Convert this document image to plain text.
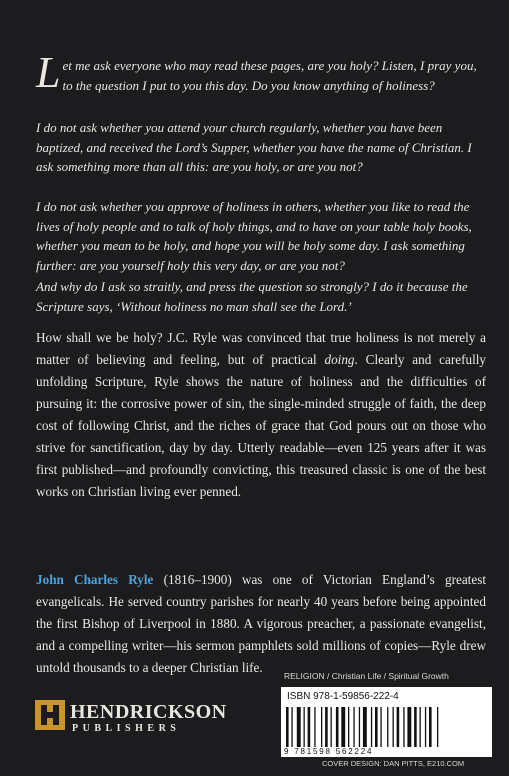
Let me ask everyone who may read these pages, are you holy? Listen, I pray you, to the question I put to you this day. Do you know anything of holiness?

I do not ask whether you attend your church regularly, whether you have been baptized, and received the Lord’s Supper, whether you have the name of Christian. I ask something more than all this: are you holy, or are you not?

I do not ask whether you approve of holiness in others, whether you like to read the lives of holy people and to talk of holy things, and to have on your table holy books, whether you mean to be holy, and hope you will be holy some day. I ask something further: are you yourself holy this very day, or are you not?

And why do I ask so straitly, and press the question so strongly? I do it because the Scripture says, ‘Without holiness no man shall see the Lord.’

How shall we be holy? J.C. Ryle was convinced that true holiness is not merely a matter of believing and feeling, but of practical doing. Clearly and carefully unfolding Scripture, Ryle shows the nature of holiness and the difficulties of pursuing it: the corrosive power of sin, the single-minded struggle of faith, the deep cost of following Christ, and the riches of grace that God pours out on those who strive for sanctification, day by day. Utterly readable—even 125 years after it was first published—and profoundly convicting, this treasured classic is one of the best works on Christian living ever penned.

John Charles Ryle (1816–1900) was one of Victorian England’s greatest evangelicals. He served country parishes for nearly 40 years before being appointed the first Bishop of Liverpool in 1880. A vigorous preacher, a passionate evangelist, and a compelling writer—his sermon pamphlets sold millions of copies—Ryle drew untold thousands to a deeper Christian life.

HENDRICKSON
PUBLISHERS
RELIGION / Christian Life / Spiritual Growth
ISBN 978-1-59856-222-4
9 781598 562224
COVER DESIGN: DAN PITTS, E210.COM
